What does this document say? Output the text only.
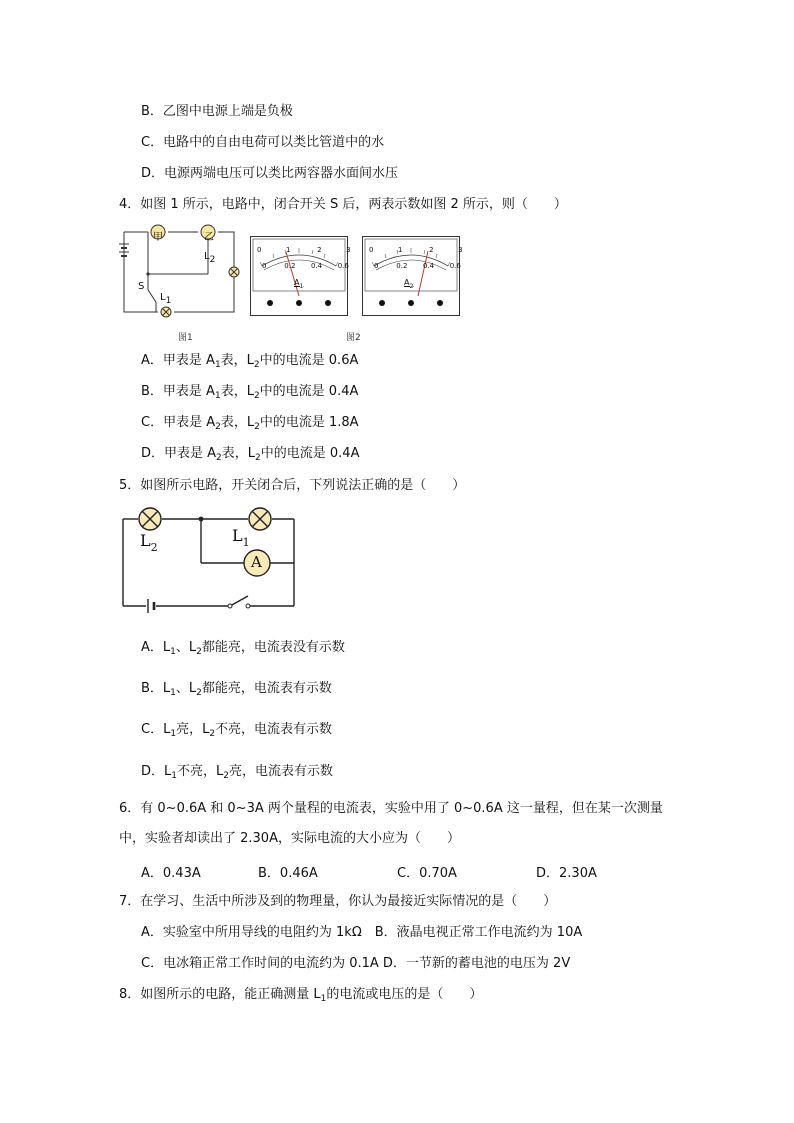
B．乙图中电源上端是负极
C．电路中的自由电荷可以类比管道中的水
D．电源两端电压可以类比两容器水面间水压
4．如图 1 所示，电路中，闭合开关 S 后，两表示数如图 2 所示，则（　　）
甲	乙
L2
S
L1
图1
0	1	2	3
0	0.2 0.4 0.6
$A_1$
0	1	2	3
0	0.2 0.4 0.6
$A_2$
图2
A．甲表是 $A_1$表，$L_2$中的电流是 0.6A
B．甲表是 $A_1$表，$L_2$中的电流是 0.4A
C．甲表是 $A_2$表，$L_2$中的电流是 1.8A
D．甲表是 $A_2$表，$L_2$中的电流是 0.4A
5．如图所示电路，开关闭合后，下列说法正确的是（　　）
A
$L_2$
$L_1$
A．$L_1$、$L_2$都能亮，电流表没有示数
B．$L_1$、$L_2$都能亮，电流表有示数
C．$L_1$亮，$L_2$不亮，电流表有示数
D．$L_1$不亮，$L_2$亮，电流表有示数
6．有 0~0.6A 和 0~3A 两个量程的电流表，实验中用了 0~0.6A 这一量程，但在某一次测量
中，实验者却读出了 2.30A，实际电流的大小应为（　　）
A．0.43A	B．0.46A	C．0.70A	D．2.30A
7．在学习、生活中所涉及到的物理量，你认为最接近实际情况的是（　　）
A．实验室中所用导线的电阻约为 1kΩ　B．液晶电视正常工作电流约为 10A
C．电冰箱正常工作时间的电流约为 0.1A D．一节新的蓄电池的电压为 2V
8．如图所示的电路，能正确测量 $L_1$的电流或电压的是（　　）
